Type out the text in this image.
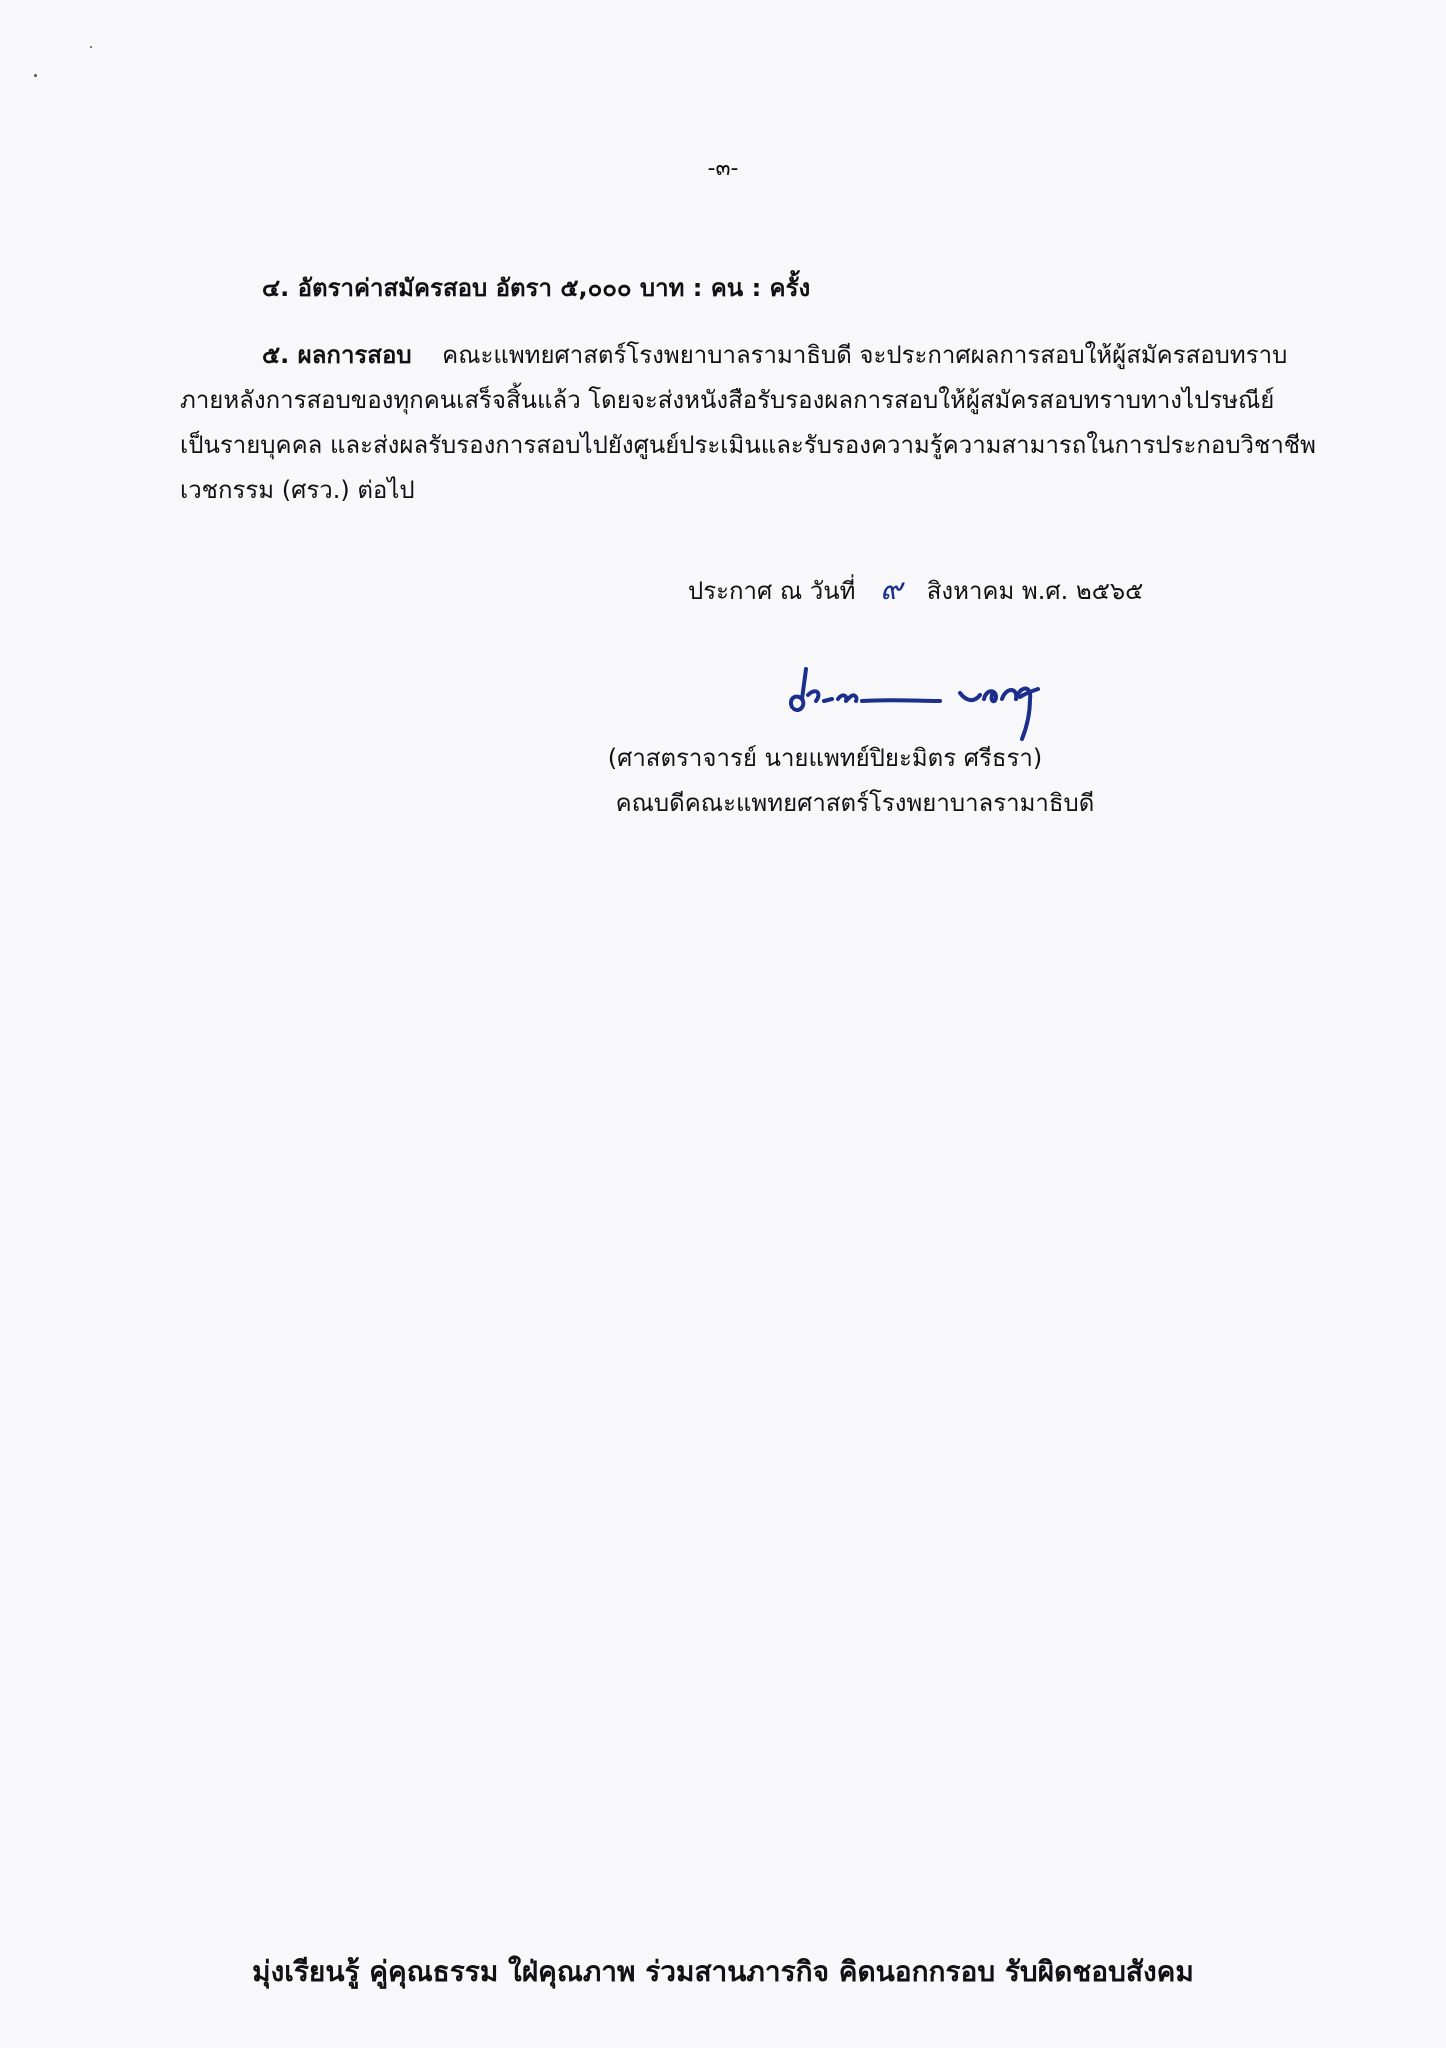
-๓-
๔. อัตราค่าสมัครสอบ อัตรา ๕,๐๐๐ บาท : คน : ครั้ง
๕. ผลการสอบ คณะแพทยศาสตร์โรงพยาบาลรามาธิบดี จะประกาศผลการสอบให้ผู้สมัครสอบทราบ
ภายหลังการสอบของทุกคนเสร็จสิ้นแล้ว โดยจะส่งหนังสือรับรองผลการสอบให้ผู้สมัครสอบทราบทางไปรษณีย์
เป็นรายบุคคล และส่งผลรับรองการสอบไปยังศูนย์ประเมินและรับรองความรู้ความสามารถในการประกอบวิชาชีพ
เวชกรรม (ศรว.) ต่อไป
ประกาศ ณ วันที่ ๙ สิงหาคม พ.ศ. ๒๕๖๕
(ศาสตราจารย์ นายแพทย์ปิยะมิตร ศรีธรา)
คณบดีคณะแพทยศาสตร์โรงพยาบาลรามาธิบดี
มุ่งเรียนรู้ คู่คุณธรรม ใฝ่คุณภาพ ร่วมสานภารกิจ คิดนอกกรอบ รับผิดชอบสังคม
